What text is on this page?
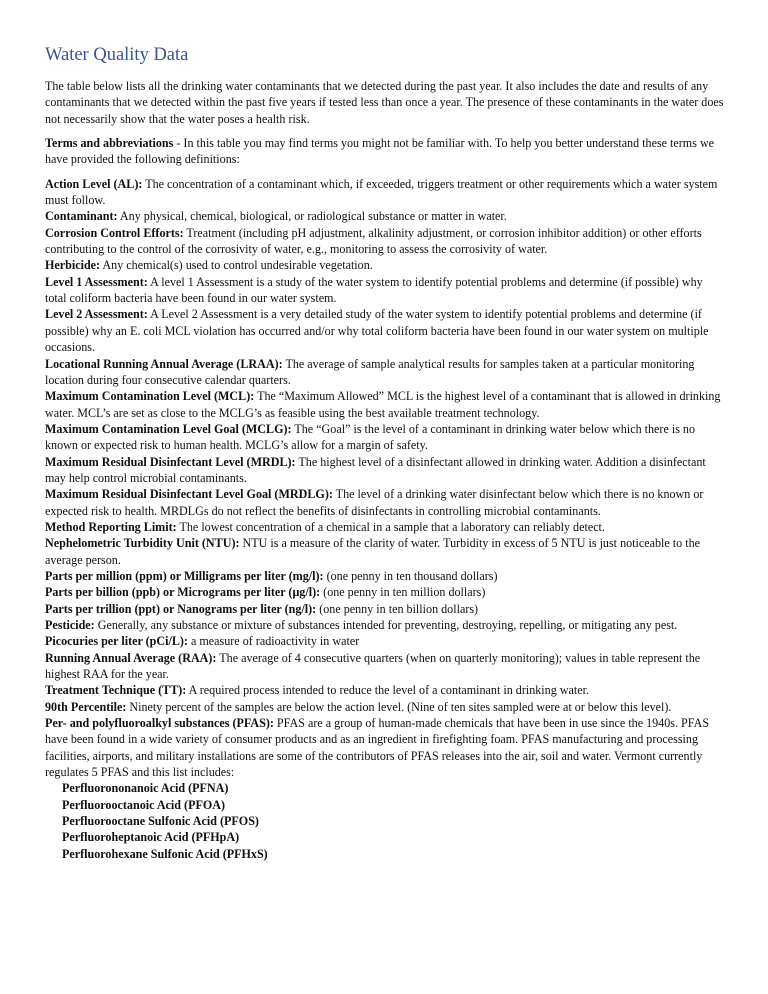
Water Quality Data

The table below lists all the drinking water contaminants that we detected during the past year. It also includes the date and results of any contaminants that we detected within the past five years if tested less than once a year. The presence of these contaminants in the water does not necessarily show that the water poses a health risk.

Terms and abbreviations - In this table you may find terms you might not be familiar with. To help you better understand these terms we have provided the following definitions:

Action Level (AL): The concentration of a contaminant which, if exceeded, triggers treatment or other requirements which a water system must follow.

Contaminant: Any physical, chemical, biological, or radiological substance or matter in water.

Corrosion Control Efforts: Treatment (including pH adjustment, alkalinity adjustment, or corrosion inhibitor addition) or other efforts contributing to the control of the corrosivity of water, e.g., monitoring to assess the corrosivity of water.

Herbicide: Any chemical(s) used to control undesirable vegetation.

Level 1 Assessment: A level 1 Assessment is a study of the water system to identify potential problems and determine (if possible) why total coliform bacteria have been found in our water system.

Level 2 Assessment: A Level 2 Assessment is a very detailed study of the water system to identify potential problems and determine (if possible) why an E. coli MCL violation has occurred and/or why total coliform bacteria have been found in our water system on multiple occasions.

Locational Running Annual Average (LRAA): The average of sample analytical results for samples taken at a particular monitoring location during four consecutive calendar quarters.

Maximum Contamination Level (MCL): The “Maximum Allowed” MCL is the highest level of a contaminant that is allowed in drinking water. MCL’s are set as close to the MCLG’s as feasible using the best available treatment technology.

Maximum Contamination Level Goal (MCLG): The “Goal” is the level of a contaminant in drinking water below which there is no known or expected risk to human health. MCLG’s allow for a margin of safety.

Maximum Residual Disinfectant Level (MRDL): The highest level of a disinfectant allowed in drinking water. Addition a disinfectant may help control microbial contaminants.

Maximum Residual Disinfectant Level Goal (MRDLG): The level of a drinking water disinfectant below which there is no known or expected risk to health. MRDLGs do not reflect the benefits of disinfectants in controlling microbial contaminants.

Method Reporting Limit: The lowest concentration of a chemical in a sample that a laboratory can reliably detect.

Nephelometric Turbidity Unit (NTU): NTU is a measure of the clarity of water. Turbidity in excess of 5 NTU is just noticeable to the average person.

Parts per million (ppm) or Milligrams per liter (mg/l): (one penny in ten thousand dollars)

Parts per billion (ppb) or Micrograms per liter (μg/l): (one penny in ten million dollars)

Parts per trillion (ppt) or Nanograms per liter (ng/l): (one penny in ten billion dollars)

Pesticide: Generally, any substance or mixture of substances intended for preventing, destroying, repelling, or mitigating any pest.

Picocuries per liter (pCi/L): a measure of radioactivity in water

Running Annual Average (RAA): The average of 4 consecutive quarters (when on quarterly monitoring); values in table represent the highest RAA for the year.

Treatment Technique (TT): A required process intended to reduce the level of a contaminant in drinking water.

90th Percentile: Ninety percent of the samples are below the action level. (Nine of ten sites sampled were at or below this level).

Per- and polyfluoroalkyl substances (PFAS): PFAS are a group of human-made chemicals that have been in use since the 1940s. PFAS have been found in a wide variety of consumer products and as an ingredient in firefighting foam. PFAS manufacturing and processing facilities, airports, and military installations are some of the contributors of PFAS releases into the air, soil and water. Vermont currently regulates 5 PFAS and this list includes:

Perfluorononanoic Acid (PFNA)
Perfluorooctanoic Acid (PFOA)
Perfluorooctane Sulfonic Acid (PFOS)
Perfluoroheptanoic Acid (PFHpA)
Perfluorohexane Sulfonic Acid (PFHxS)
